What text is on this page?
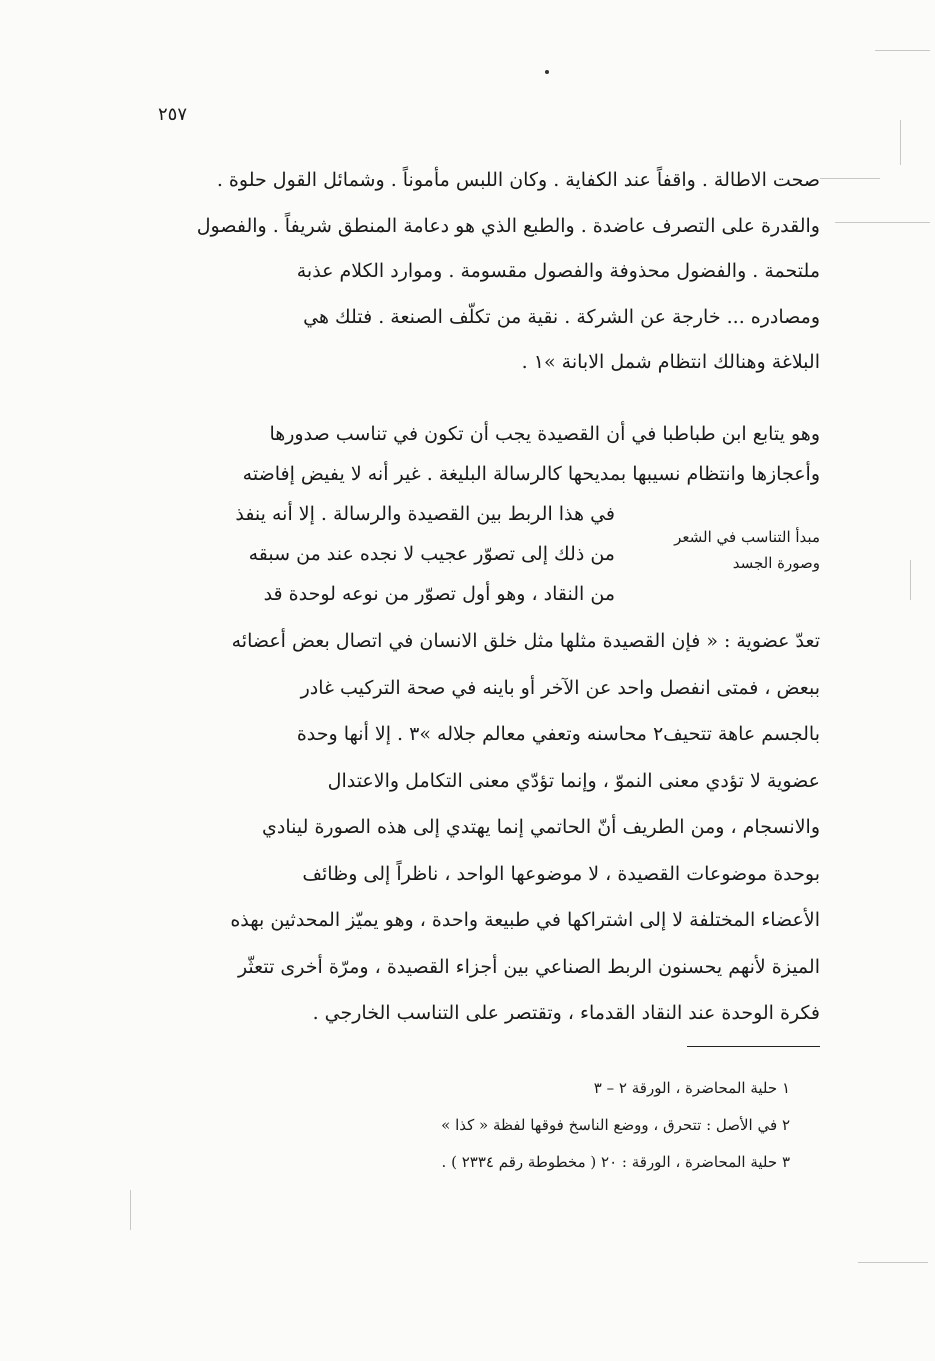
٢٥٧
صحت الاطالة . واقفاً عند الكفاية . وكان اللبس مأموناً . وشمائل القول حلوة .
والقدرة على التصرف عاضدة . والطبع الذي هو دعامة المنطق شريفاً . والفصول
ملتحمة . والفضول محذوفة والفصول مقسومة . وموارد الكلام عذبة
ومصادره ... خارجة عن الشركة . نقية من تكلّف الصنعة . فتلك هي
البلاغة وهنالك انتظام شمل الابانة »١ .
وهو يتابع ابن طباطبا في أن القصيدة يجب أن تكون في تناسب صدورها
وأعجازها وانتظام نسيبها بمديحها كالرسالة البليغة . غير أنه لا يفيض إفاضته
في هذا الربط بين القصيدة والرسالة . إلا أنه ينفذ
من ذلك إلى تصوّر عجيب لا نجده عند من سبقه
من النقاد ، وهو أول تصوّر من نوعه لوحدة قد
مبدأ التناسب في الشعر
وصورة الجسد
تعدّ عضوية : « فإن القصيدة مثلها مثل خلق الانسان في اتصال بعض أعضائه
ببعض ، فمتى انفصل واحد عن الآخر أو باينه في صحة التركيب غادر
بالجسم عاهة تتحيف٢ محاسنه وتعفي معالم جلاله »٣ . إلا أنها وحدة
عضوية لا تؤدي معنى النموّ ، وإنما تؤدّي معنى التكامل والاعتدال
والانسجام ، ومن الطريف أنّ الحاتمي إنما يهتدي إلى هذه الصورة لينادي
بوحدة موضوعات القصيدة ، لا موضوعها الواحد ، ناظراً إلى وظائف
الأعضاء المختلفة لا إلى اشتراكها في طبيعة واحدة ، وهو يميّز المحدثين بهذه
الميزة لأنهم يحسنون الربط الصناعي بين أجزاء القصيدة ، ومرّة أخرى تتعثّر
فكرة الوحدة عند النقاد القدماء ، وتقتصر على التناسب الخارجي .
١ حلية المحاضرة ، الورقة ٢ – ٣
٢ في الأصل : تتحرق ، ووضع الناسخ فوقها لفظة « كذا »
٣ حلية المحاضرة ، الورقة : ٢٠ ( مخطوطة رقم ٢٣٣٤ ) .
